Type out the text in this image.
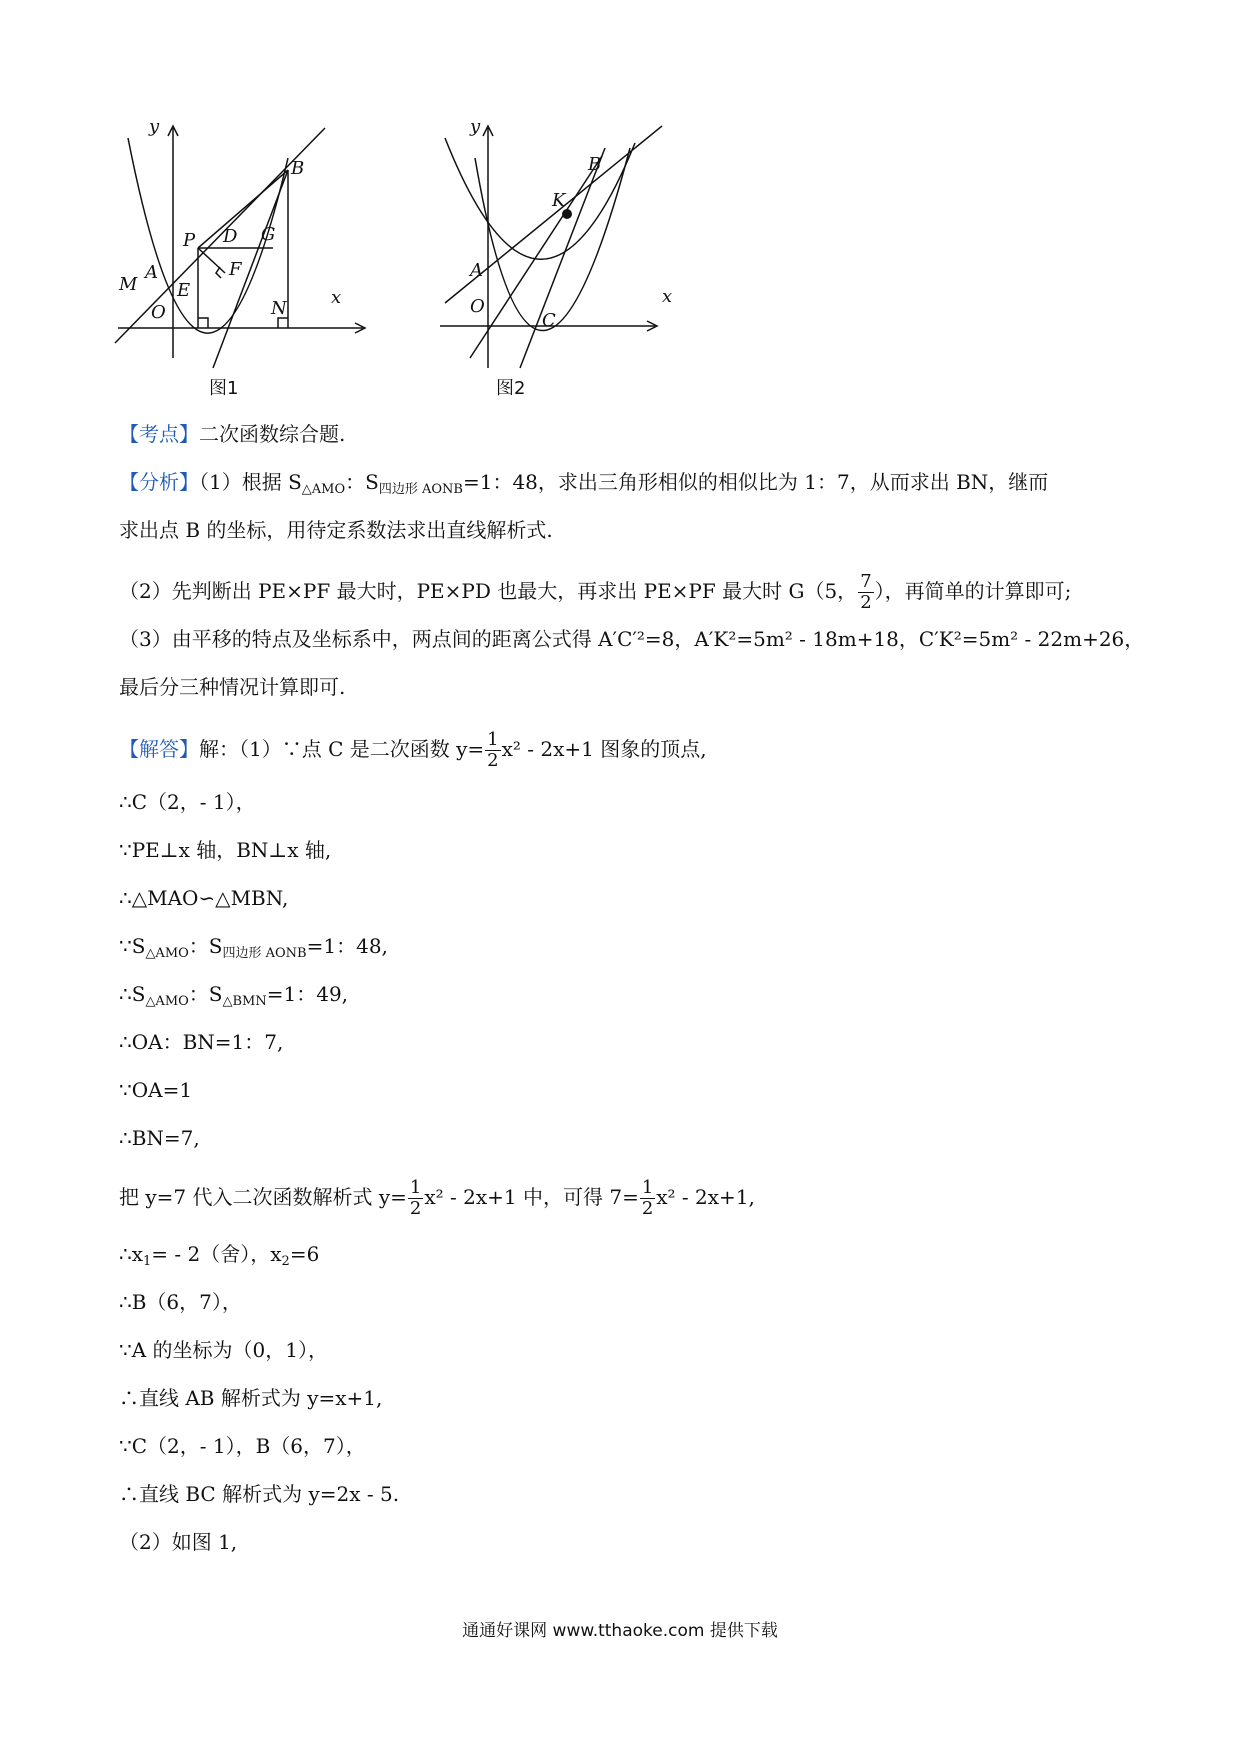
y
x
B
P D G
F
A
M E
O	N
图1
y
x
B
K
A
O
C
图2
【考点】二次函数综合题.
【分析】（1）根据 $S_{\triangle AMO}$：$S_{四边形 AONB}=1$：48，求出三角形相似的相似比为 1：7，从而求出 BN，继而
求出点 B 的坐标，用待定系数法求出直线解析式.
（2）先判断出 PE×PF 最大时，PE×PD 也最大，再求出 PE×PF 最大时 G（5， $\frac{7}{2}$ ），再简单的计算即可;
（3）由平移的特点及坐标系中，两点间的距离公式得 A′C′²=8，A′K²=5m² - 18m+18，C′K²=5m² - 22m+26，
最后分三种情况计算即可.
【解答】解：（1）∵点 C 是二次函数 $y= \frac{1}{2} x^2 - 2x+1$ 图象的顶点,
∴C（2，- 1），
∵PE⊥x 轴，BN⊥x 轴,
∴△MAO∽△MBN,
$\because S_{\triangle AMO}$：$S_{四边形 AONB}=1$：48,
$\therefore S_{\triangle AMO}$：$S_{\triangle BMN}=1$：49,
∴OA：BN=1：7,
∵OA=1
∴BN=7,
把 y=7 代入二次函数解析式 $y= \frac{1}{2} x^2 - 2x+1$ 中，可得 $7= \frac{1}{2} x^2 - 2x+1$,
$\therefore x_1= - 2$（舍），$x_2=6$
∴B（6，7），
∵A 的坐标为（0，1），
∴直线 AB 解析式为 y=x+1,
∵C（2，- 1），B（6，7），
∴直线 BC 解析式为 y=2x - 5.
（2）如图 1,
通通好课网 www.tthaoke.com 提供下载
